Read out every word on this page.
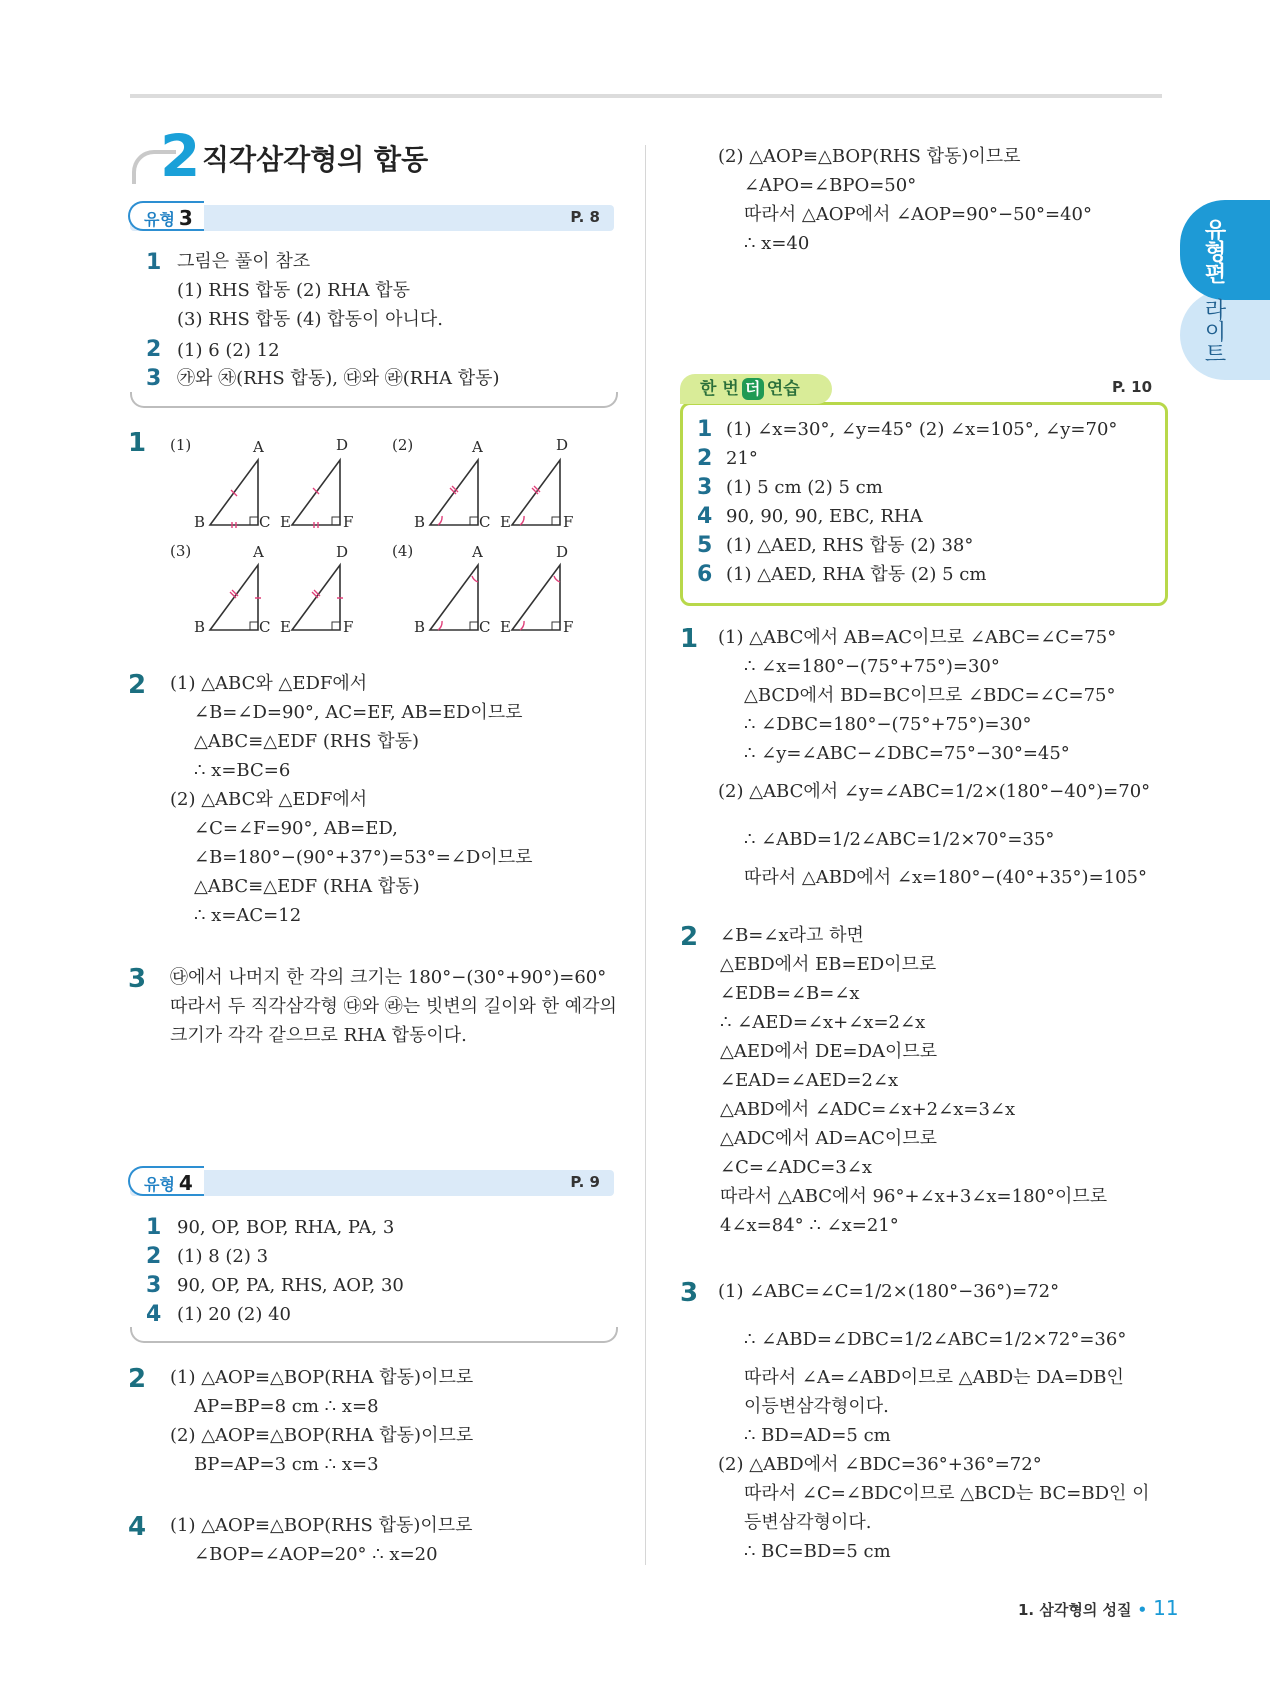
2 직각삼각형의 합동
유형 3	P. 8
1 그림은 풀이 참조
(1) RHS 합동 (2) RHA 합동
(3) RHS 합동 (4) 합동이 아니다.
2 (1) 6 (2) 12
3 ㉮와 ㉶(RHS 합동), ㉰와 ㉱(RHA 합동)
1 (1)	(2)
(3)	(4)
A	D
B	C E	F
A	D
B	C E	F
A	D
B	C E	F
A	D
B	C E	F
2 (1) △ABC와 △EDF에서
∠B=∠D=90°, AC=EF, AB=ED이므로
△ABC≡△EDF (RHS 합동)
∴ x=BC=6
(2) △ABC와 △EDF에서
∠C=∠F=90°, AB=ED,
∠B=180°−(90°+37°)=53°=∠D이므로
△ABC≡△EDF (RHA 합동)
∴ x=AC=12
3 ㉰에서 나머지 한 각의 크기는 180°−(30°+90°)=60°
따라서 두 직각삼각형 ㉰와 ㉱는 빗변의 길이와 한 예각의
크기가 각각 같으므로 RHA 합동이다.
유형 4	P. 9
1 90, OP, BOP, RHA, PA, 3
2 (1) 8 (2) 3
3 90, OP, PA, RHS, AOP, 30
4 (1) 20 (2) 40
2 (1) △AOP≡△BOP(RHA 합동)이므로
AP=BP=8 cm ∴ x=8
(2) △AOP≡△BOP(RHA 합동)이므로
BP=AP=3 cm ∴ x=3
4 (1) △AOP≡△BOP(RHS 합동)이므로
∠BOP=∠AOP=20° ∴ x=20
(2) △AOP≡△BOP(RHS 합동)이므로
∠APO=∠BPO=50°
따라서 △AOP에서 ∠AOP=90°−50°=40°
∴ x=40
한 번 더 연습	P. 10
1 (1) ∠x=30°, ∠y=45° (2) ∠x=105°, ∠y=70°
2 21°
3 (1) 5 cm (2) 5 cm
4 90, 90, 90, EBC, RHA
5 (1) △AED, RHS 합동 (2) 38°
6 (1) △AED, RHA 합동 (2) 5 cm
1 (1) △ABC에서 AB=AC이므로 ∠ABC=∠C=75°
∴ ∠x=180°−(75°+75°)=30°
△BCD에서 BD=BC이므로 ∠BDC=∠C=75°
∴ ∠DBC=180°−(75°+75°)=30°
∴ ∠y=∠ABC−∠DBC=75°−30°=45°
(2) △ABC에서 ∠y=∠ABC=1/2×(180°−40°)=70°
∴ ∠ABD=1/2∠ABC=1/2×70°=35°
따라서 △ABD에서 ∠x=180°−(40°+35°)=105°
2 ∠B=∠x라고 하면
△EBD에서 EB=ED이므로
∠EDB=∠B=∠x
∴ ∠AED=∠x+∠x=2∠x
△AED에서 DE=DA이므로
∠EAD=∠AED=2∠x
△ABD에서 ∠ADC=∠x+2∠x=3∠x
△ADC에서 AD=AC이므로
∠C=∠ADC=3∠x
따라서 △ABC에서 96°+∠x+3∠x=180°이므로
4∠x=84° ∴ ∠x=21°
3 (1) ∠ABC=∠C=1/2×(180°−36°)=72°
∴ ∠ABD=∠DBC=1/2∠ABC=1/2×72°=36°
따라서 ∠A=∠ABD이므로 △ABD는 DA=DB인
이등변삼각형이다.
∴ BD=AD=5 cm
(2) △ABD에서 ∠BDC=36°+36°=72°
따라서 ∠C=∠BDC이므로 △BCD는 BC=BD인 이
등변삼각형이다.
∴ BC=BD=5 cm
유형편
라이트
1. 삼각형의 성질 • 11
